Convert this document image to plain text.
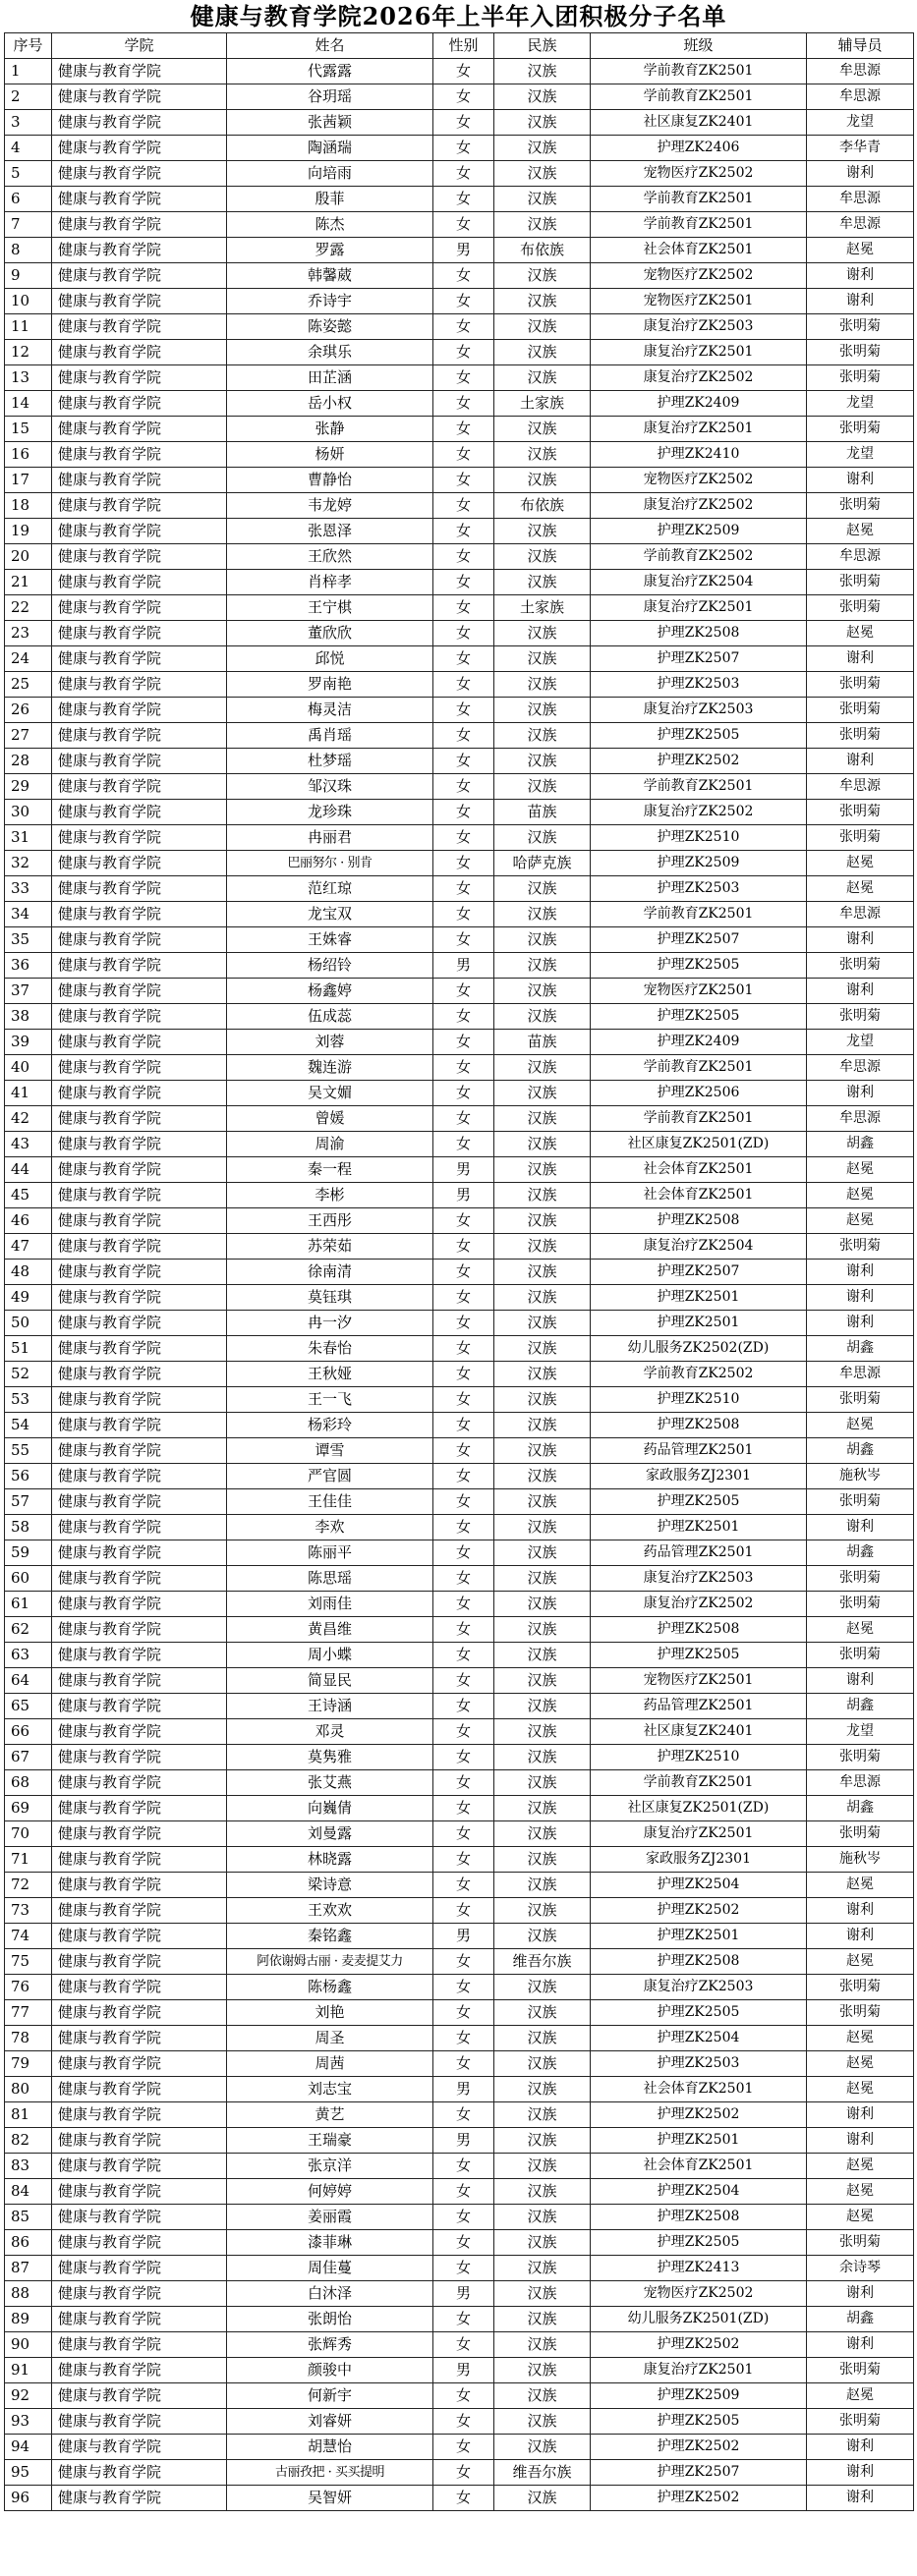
健康与教育学院2026年上半年入团积极分子名单
序号	学院	姓名	性别	民族	班级	辅导员
1	健康与教育学院	代露露	女	汉族	学前教育ZK2501	牟思源
2	健康与教育学院	谷玥瑶	女	汉族	学前教育ZK2501	牟思源
3	健康与教育学院	张茜颖	女	汉族	社区康复ZK2401	龙望
4	健康与教育学院	陶涵瑞	女	汉族	护理ZK2406	李华青
5	健康与教育学院	向培雨	女	汉族	宠物医疗ZK2502	谢利
6	健康与教育学院	殷菲	女	汉族	学前教育ZK2501	牟思源
7	健康与教育学院	陈杰	女	汉族	学前教育ZK2501	牟思源
8	健康与教育学院	罗露	男	布依族	社会体育ZK2501	赵冕
9	健康与教育学院	韩馨葳	女	汉族	宠物医疗ZK2502	谢利
10	健康与教育学院	乔诗宇	女	汉族	宠物医疗ZK2501	谢利
11	健康与教育学院	陈姿懿	女	汉族	康复治疗ZK2503	张明菊
12	健康与教育学院	余琪乐	女	汉族	康复治疗ZK2501	张明菊
13	健康与教育学院	田芷涵	女	汉族	康复治疗ZK2502	张明菊
14	健康与教育学院	岳小权	女	土家族	护理ZK2409	龙望
15	健康与教育学院	张静	女	汉族	康复治疗ZK2501	张明菊
16	健康与教育学院	杨妍	女	汉族	护理ZK2410	龙望
17	健康与教育学院	曹静怡	女	汉族	宠物医疗ZK2502	谢利
18	健康与教育学院	韦龙婷	女	布依族	康复治疗ZK2502	张明菊
19	健康与教育学院	张恩泽	女	汉族	护理ZK2509	赵冕
20	健康与教育学院	王欣然	女	汉族	学前教育ZK2502	牟思源
21	健康与教育学院	肖梓孝	女	汉族	康复治疗ZK2504	张明菊
22	健康与教育学院	王宁棋	女	土家族	康复治疗ZK2501	张明菊
23	健康与教育学院	董欣欣	女	汉族	护理ZK2508	赵冕
24	健康与教育学院	邱悦	女	汉族	护理ZK2507	谢利
25	健康与教育学院	罗南艳	女	汉族	护理ZK2503	张明菊
26	健康与教育学院	梅灵洁	女	汉族	康复治疗ZK2503	张明菊
27	健康与教育学院	禹肖瑶	女	汉族	护理ZK2505	张明菊
28	健康与教育学院	杜梦瑶	女	汉族	护理ZK2502	谢利
29	健康与教育学院	邹汉珠	女	汉族	学前教育ZK2501	牟思源
30	健康与教育学院	龙珍珠	女	苗族	康复治疗ZK2502	张明菊
31	健康与教育学院	冉丽君	女	汉族	护理ZK2510	张明菊
32	健康与教育学院	巴丽努尔 · 别肯	女	哈萨克族	护理ZK2509	赵冕
33	健康与教育学院	范红琼	女	汉族	护理ZK2503	赵冕
34	健康与教育学院	龙宝双	女	汉族	学前教育ZK2501	牟思源
35	健康与教育学院	王姝睿	女	汉族	护理ZK2507	谢利
36	健康与教育学院	杨绍铃	男	汉族	护理ZK2505	张明菊
37	健康与教育学院	杨鑫婷	女	汉族	宠物医疗ZK2501	谢利
38	健康与教育学院	伍成蕊	女	汉族	护理ZK2505	张明菊
39	健康与教育学院	刘蓉	女	苗族	护理ZK2409	龙望
40	健康与教育学院	魏连游	女	汉族	学前教育ZK2501	牟思源
41	健康与教育学院	吴文媚	女	汉族	护理ZK2506	谢利
42	健康与教育学院	曾媛	女	汉族	学前教育ZK2501	牟思源
43	健康与教育学院	周渝	女	汉族	社区康复ZK2501(ZD)	胡鑫
44	健康与教育学院	秦一程	男	汉族	社会体育ZK2501	赵冕
45	健康与教育学院	李彬	男	汉族	社会体育ZK2501	赵冕
46	健康与教育学院	王西彤	女	汉族	护理ZK2508	赵冕
47	健康与教育学院	苏荣茹	女	汉族	康复治疗ZK2504	张明菊
48	健康与教育学院	徐南清	女	汉族	护理ZK2507	谢利
49	健康与教育学院	莫钰琪	女	汉族	护理ZK2501	谢利
50	健康与教育学院	冉一汐	女	汉族	护理ZK2501	谢利
51	健康与教育学院	朱春怡	女	汉族	幼儿服务ZK2502(ZD)	胡鑫
52	健康与教育学院	王秋娅	女	汉族	学前教育ZK2502	牟思源
53	健康与教育学院	王一飞	女	汉族	护理ZK2510	张明菊
54	健康与教育学院	杨彩玲	女	汉族	护理ZK2508	赵冕
55	健康与教育学院	谭雪	女	汉族	药品管理ZK2501	胡鑫
56	健康与教育学院	严官圆	女	汉族	家政服务ZJ2301	施秋岑
57	健康与教育学院	王佳佳	女	汉族	护理ZK2505	张明菊
58	健康与教育学院	李欢	女	汉族	护理ZK2501	谢利
59	健康与教育学院	陈丽平	女	汉族	药品管理ZK2501	胡鑫
60	健康与教育学院	陈思瑶	女	汉族	康复治疗ZK2503	张明菊
61	健康与教育学院	刘雨佳	女	汉族	康复治疗ZK2502	张明菊
62	健康与教育学院	黄昌维	女	汉族	护理ZK2508	赵冕
63	健康与教育学院	周小蝶	女	汉族	护理ZK2505	张明菊
64	健康与教育学院	简显民	女	汉族	宠物医疗ZK2501	谢利
65	健康与教育学院	王诗涵	女	汉族	药品管理ZK2501	胡鑫
66	健康与教育学院	邓灵	女	汉族	社区康复ZK2401	龙望
67	健康与教育学院	莫隽雅	女	汉族	护理ZK2510	张明菊
68	健康与教育学院	张艾燕	女	汉族	学前教育ZK2501	牟思源
69	健康与教育学院	向巍倩	女	汉族	社区康复ZK2501(ZD)	胡鑫
70	健康与教育学院	刘曼露	女	汉族	康复治疗ZK2501	张明菊
71	健康与教育学院	林晓露	女	汉族	家政服务ZJ2301	施秋岑
72	健康与教育学院	梁诗意	女	汉族	护理ZK2504	赵冕
73	健康与教育学院	王欢欢	女	汉族	护理ZK2502	谢利
74	健康与教育学院	秦铭鑫	男	汉族	护理ZK2501	谢利
75	健康与教育学院	阿依谢姆古丽 · 麦麦提艾力	女	维吾尔族	护理ZK2508	赵冕
76	健康与教育学院	陈杨鑫	女	汉族	康复治疗ZK2503	张明菊
77	健康与教育学院	刘艳	女	汉族	护理ZK2505	张明菊
78	健康与教育学院	周圣	女	汉族	护理ZK2504	赵冕
79	健康与教育学院	周茜	女	汉族	护理ZK2503	赵冕
80	健康与教育学院	刘志宝	男	汉族	社会体育ZK2501	赵冕
81	健康与教育学院	黄艺	女	汉族	护理ZK2502	谢利
82	健康与教育学院	王瑞豪	男	汉族	护理ZK2501	谢利
83	健康与教育学院	张京洋	女	汉族	社会体育ZK2501	赵冕
84	健康与教育学院	何婷婷	女	汉族	护理ZK2504	赵冕
85	健康与教育学院	姜丽霞	女	汉族	护理ZK2508	赵冕
86	健康与教育学院	漆菲琳	女	汉族	护理ZK2505	张明菊
87	健康与教育学院	周佳蔓	女	汉族	护理ZK2413	余诗琴
88	健康与教育学院	白沐泽	男	汉族	宠物医疗ZK2502	谢利
89	健康与教育学院	张朗怡	女	汉族	幼儿服务ZK2501(ZD)	胡鑫
90	健康与教育学院	张辉秀	女	汉族	护理ZK2502	谢利
91	健康与教育学院	颜骏中	男	汉族	康复治疗ZK2501	张明菊
92	健康与教育学院	何新宇	女	汉族	护理ZK2509	赵冕
93	健康与教育学院	刘睿妍	女	汉族	护理ZK2505	张明菊
94	健康与教育学院	胡慧怡	女	汉族	护理ZK2502	谢利
95	健康与教育学院	古丽孜把 · 买买提明	女	维吾尔族	护理ZK2507	谢利
96	健康与教育学院	吴智妍	女	汉族	护理ZK2502	谢利
